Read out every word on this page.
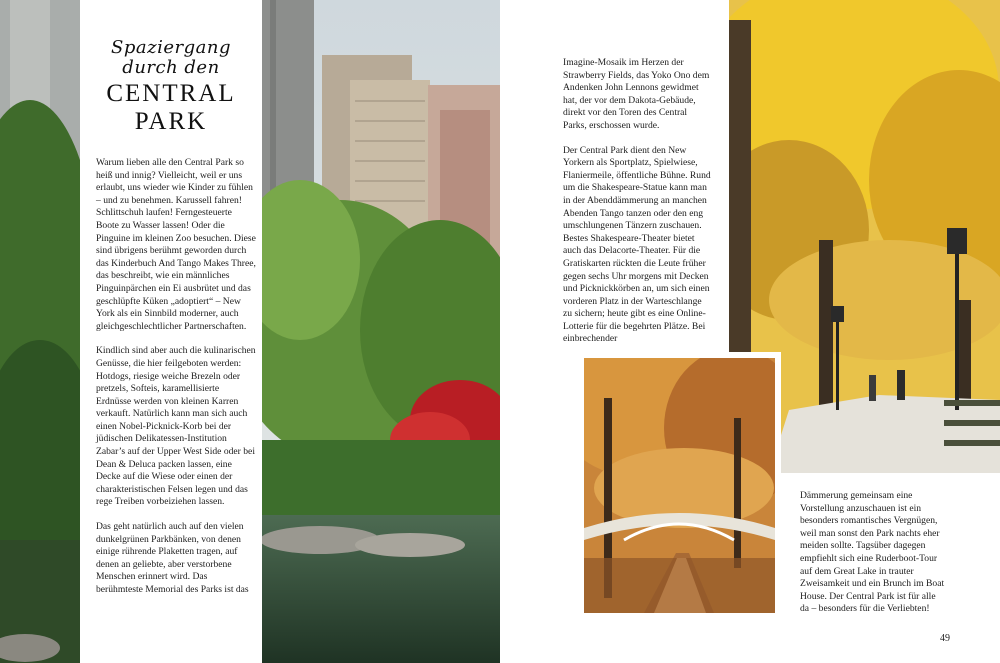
Spaziergang
durch den
CENTRAL
PARK

Warum lieben alle den Central Park so heiß und innig? Vielleicht, weil er uns erlaubt, uns wieder wie Kinder zu fühlen – und zu benehmen. Karussell fahren! Schlittschuh laufen! Ferngesteuerte Boote zu Wasser lassen! Oder die Pinguine im kleinen Zoo besuchen. Diese sind übrigens berühmt geworden durch das Kinderbuch And Tango Makes Three, das beschreibt, wie ein männliches Pinguinpärchen ein Ei ausbrütet und das geschlüpfte Küken „adoptiert“ – New York als ein Sinnbild moderner, auch gleichgeschlechtlicher Partnerschaften.

Kindlich sind aber auch die kulinarischen Genüsse, die hier feilgeboten werden: Hotdogs, riesige weiche Brezeln oder pretzels, Softeis, karamellisierte Erdnüsse werden von kleinen Karren verkauft. Natürlich kann man sich auch einen Nobel-Picknick-Korb bei der jüdischen Delikatessen-Institution Zabar’s auf der Upper West Side oder bei Dean & Deluca packen lassen, eine Decke auf die Wiese oder einen der charakteristischen Felsen legen und das rege Treiben vorbeiziehen lassen.

Das geht natürlich auch auf den vielen dunkelgrünen Parkbänken, von denen einige rührende Plaketten tragen, auf denen an geliebte, aber verstorbene Menschen erinnert wird. Das berühmteste Memorial des Parks ist das

Imagine-Mosaik im Herzen der Strawberry Fields, das Yoko Ono dem Andenken John Lennons gewidmet hat, der vor dem Dakota-Gebäude, direkt vor den Toren des Central Parks, erschossen wurde.

Der Central Park dient den New Yorkern als Sportplatz, Spielwiese, Flaniermeile, öffentliche Bühne. Rund um die Shakespeare-Statue kann man in der Abenddämmerung an manchen Abenden Tango tanzen oder den eng umschlungenen Tänzern zuschauen. Bestes Shakespeare-Theater bietet auch das Delacorte-Theater. Für die Gratiskarten rückten die Leute früher gegen sechs Uhr morgens mit Decken und Picknickkörben an, um sich einen vorderen Platz in der Warteschlange zu sichern; heute gibt es eine Online-Lotterie für die begehrten Plätze. Bei einbrechender

Dämmerung gemeinsam eine Vorstellung anzuschauen ist ein besonders romantisches Vergnügen, weil man sonst den Park nachts eher meiden sollte. Tagsüber dagegen empfiehlt sich eine Ruderboot-Tour auf dem Great Lake in trauter Zweisamkeit und ein Brunch im Boat House. Der Central Park ist für alle da – besonders für die Verliebten!

49
